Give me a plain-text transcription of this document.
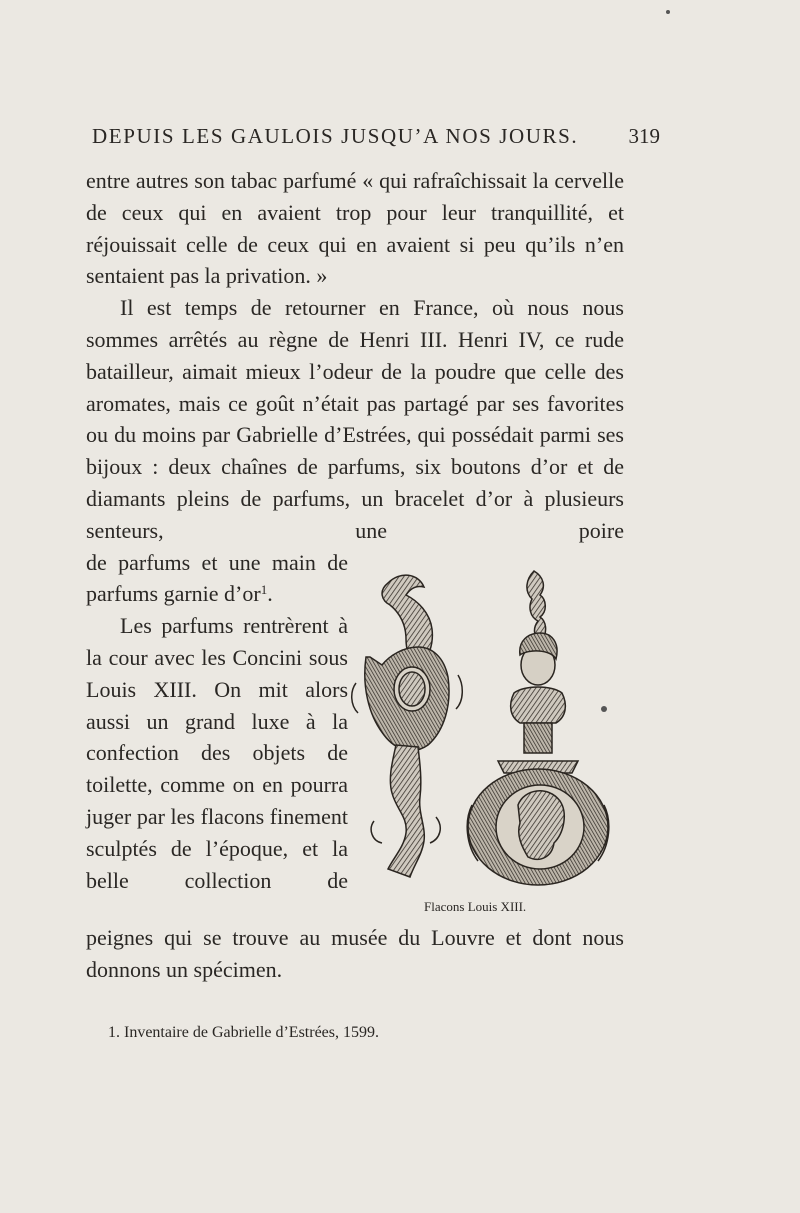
DEPUIS LES GAULOIS JUSQU’A NOS JOURS. 319

entre autres son tabac parfumé « qui rafraîchissait la cervelle de ceux qui en avaient trop pour leur tranquillité, et réjouissait celle de ceux qui en avaient si peu qu’ils n’en sentaient pas la privation. »

Il est temps de retourner en France, où nous nous sommes arrêtés au règne de Henri III. Henri IV, ce rude batailleur, aimait mieux l’odeur de la poudre que celle des aromates, mais ce goût n’était pas partagé par ses favorites ou du moins par Gabrielle d’Estrées, qui possédait parmi ses bijoux : deux chaînes de parfums, six boutons d’or et de diamants pleins de parfums, un bracelet d’or à plusieurs senteurs, une poire

de parfums et une main de parfums garnie $d’or^1$.

Les parfums rentrèrent à la cour avec les Concini sous Louis XIII. On mit alors aussi un grand luxe à la confection des objets de toilette, comme on en pourra juger par les flacons finement sculptés de l’époque, et la belle collection de

Flacons Louis XIII.

peignes qui se trouve au musée du Louvre et dont nous donnons un spécimen.

1. Inventaire de Gabrielle d’Estrées, 1599.
